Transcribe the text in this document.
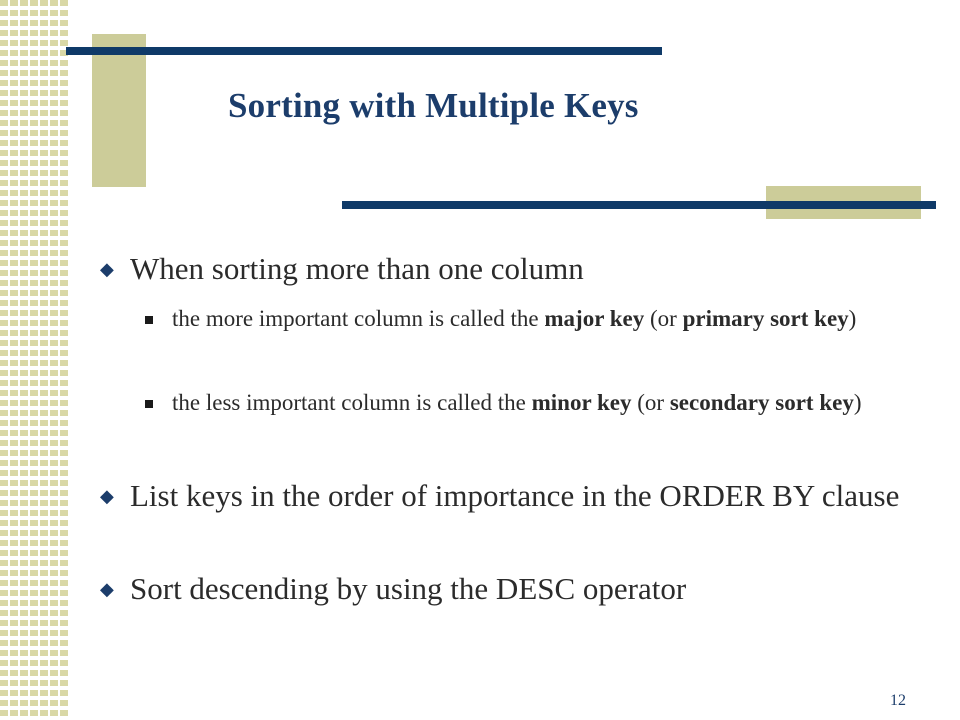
Sorting with Multiple Keys
◆ When sorting more than one column
the more important column is called the major key (or primary sort key)
the less important column is called the minor key (or secondary sort key)
◆ List keys in the order of importance in the ORDER BY clause
◆ Sort descending by using the DESC operator
12
